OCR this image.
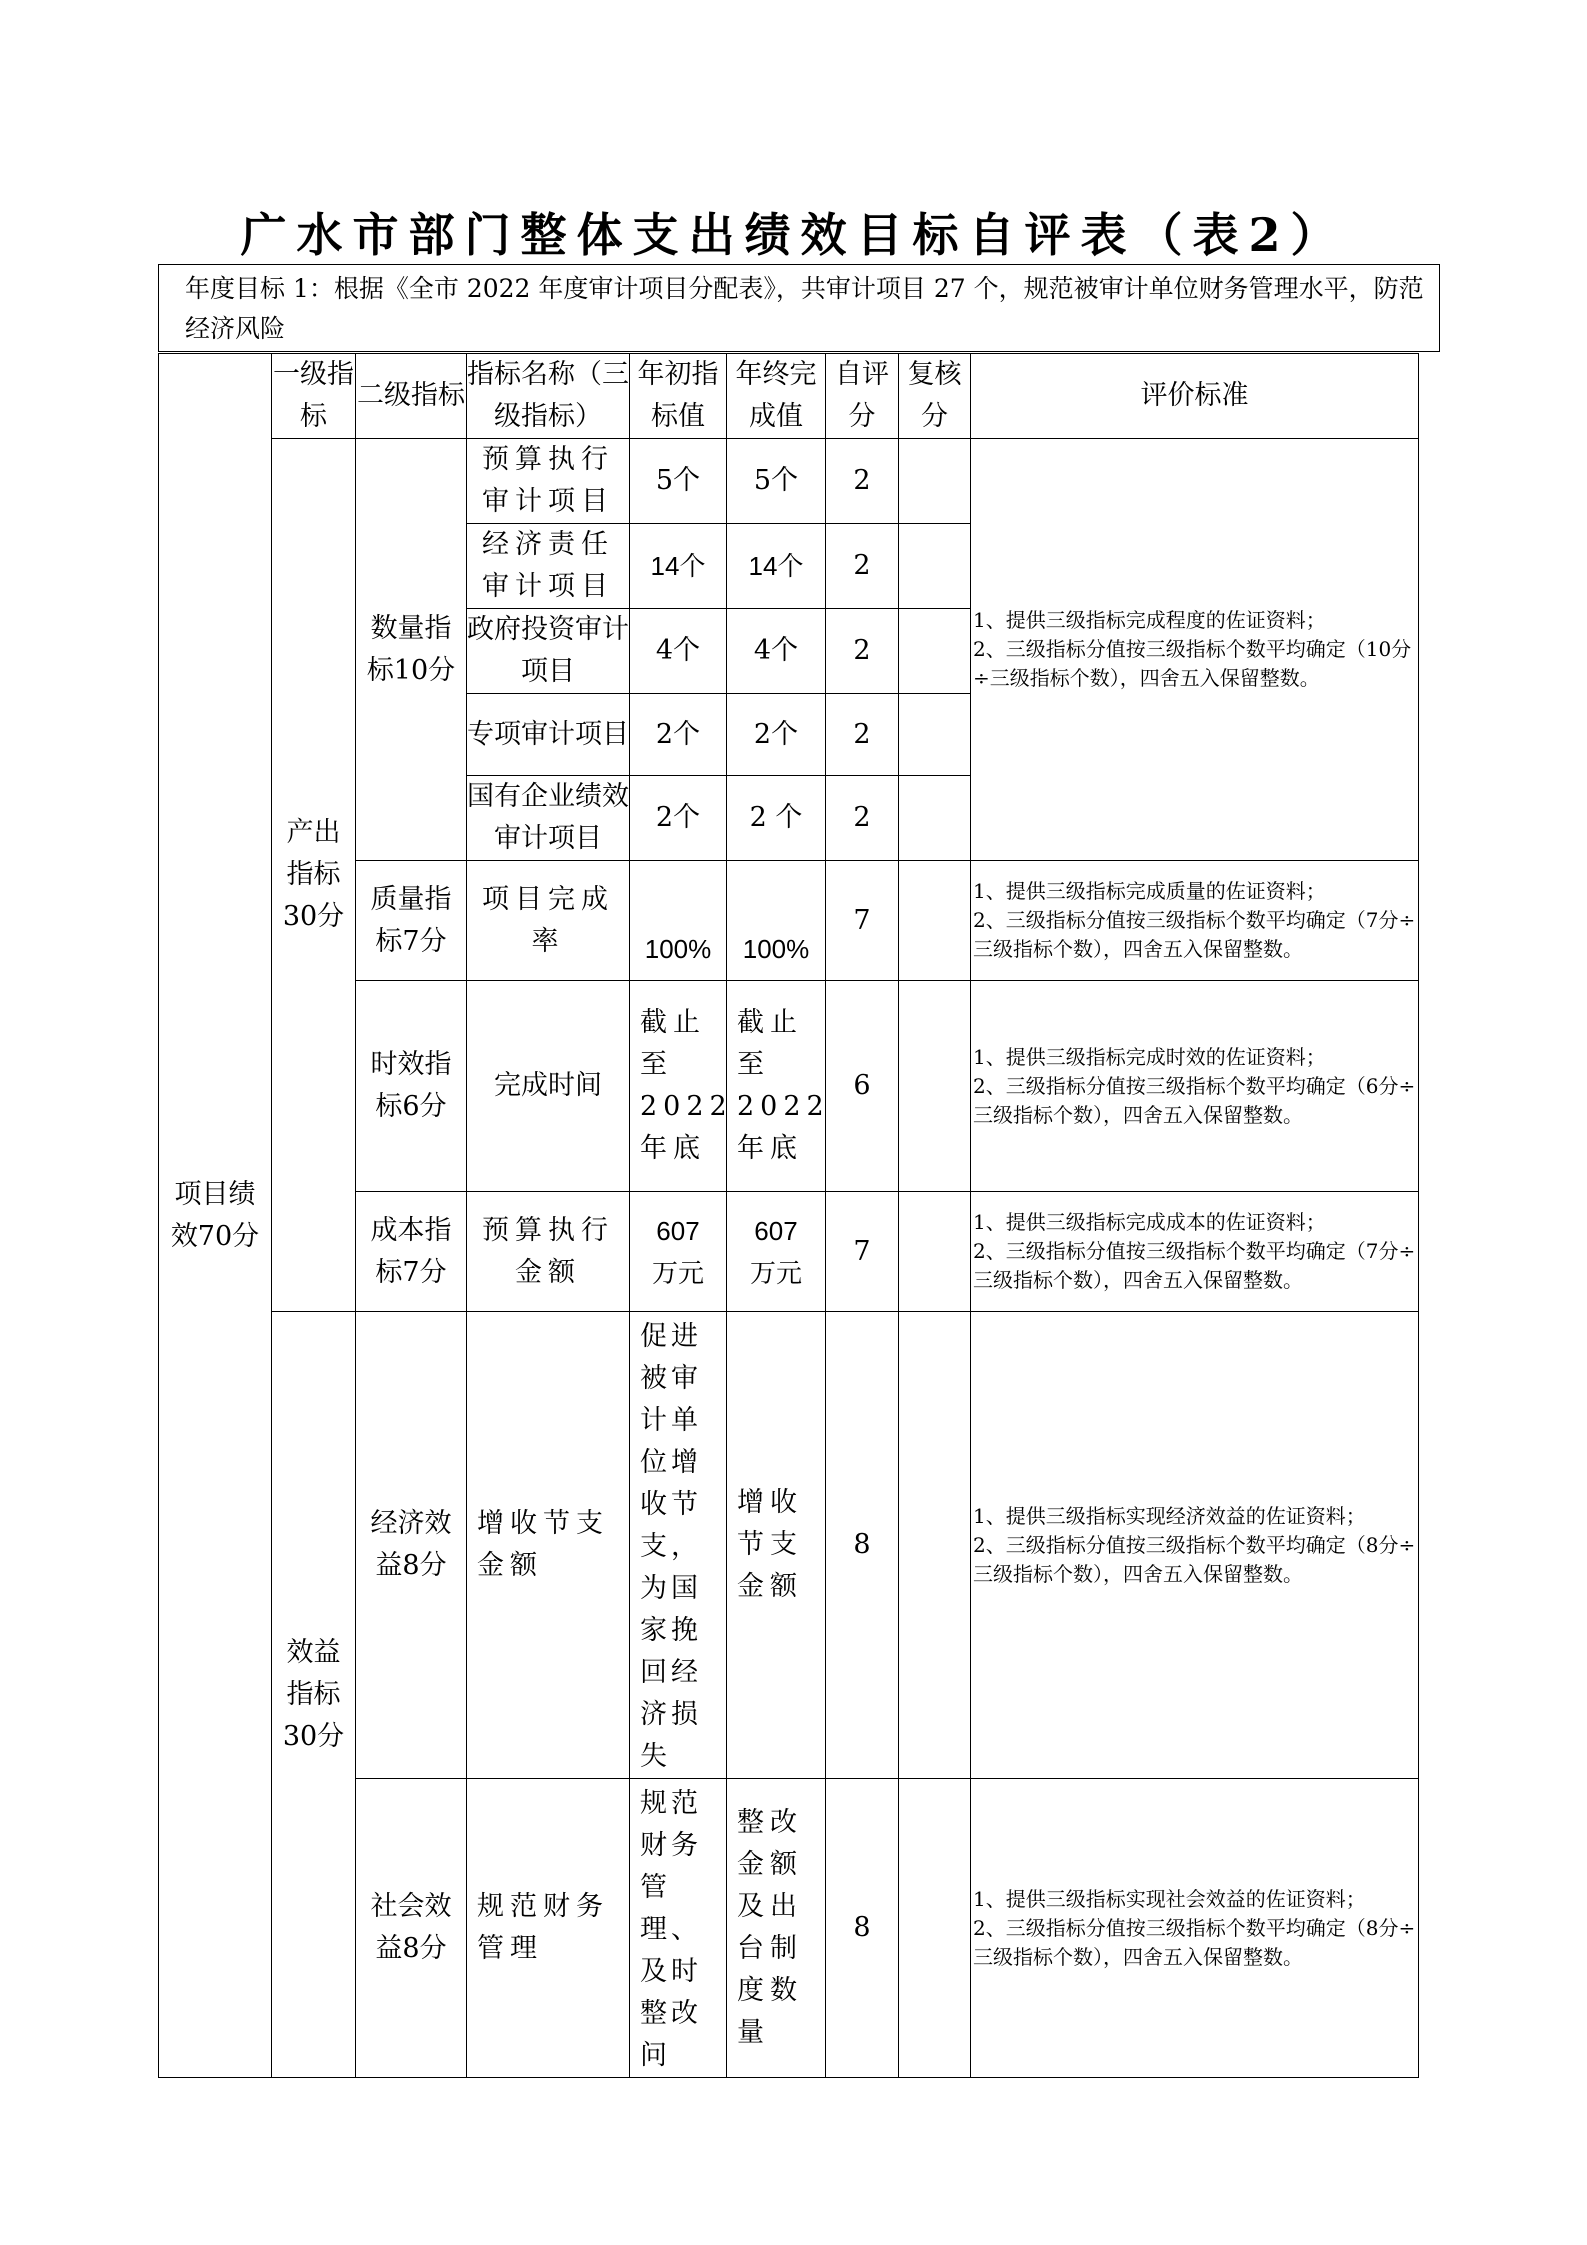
广水市部门整体支出绩效目标自评表（表2）
年度目标 1：根据《全市 2022 年度审计项目分配表》，共审计项目 27 个，规范被审计单位财务管理水平，防范经济风险
项目绩效70分	一级指标	二级指标	指标名称（三级指标）	年初指标值	年终完成值	自评分	复核分	评价标准

	产出指标30分	数量指标10分	预算执行审计项目	5个	5个	2		1、提供三级指标完成程度的佐证资料；
2、三级指标分值按三级指标个数平均确定（10分÷三级指标个数），四舍五入保留整数。
			经济责任审计项目	14个	14个	2		
			政府投资审计项目	4个	4个	2		
			专项审计项目	2个	2个	2		
			国有企业绩效审计项目	2个	2 个	2		

		质量指标7分	项目完成率	100%	100%	7		1、提供三级指标完成质量的佐证资料；
2、三级指标分值按三级指标个数平均确定（7分÷三级指标个数），四舍五入保留整数。

		时效指标6分	完成时间	截止至2022年底	截止至2022年底	6		1、提供三级指标完成时效的佐证资料；
2、三级指标分值按三级指标个数平均确定（6分÷三级指标个数），四舍五入保留整数。

		成本指标7分	预算执行金额	607万元	607万元	7		1、提供三级指标完成成本的佐证资料；
2、三级指标分值按三级指标个数平均确定（7分÷三级指标个数），四舍五入保留整数。

	效益指标30分	经济效益8分	增收节支金额	促进被审计单位增收节支，为国家挽回经济损失	增收节支金额	8		1、提供三级指标实现经济效益的佐证资料；
2、三级指标分值按三级指标个数平均确定（8分÷三级指标个数），四舍五入保留整数。

		社会效益8分	规范财务管理	规范财务管理、及时整改问	整改金额及出台制度数量	8		1、提供三级指标实现社会效益的佐证资料；
2、三级指标分值按三级指标个数平均确定（8分÷三级指标个数），四舍五入保留整数。
